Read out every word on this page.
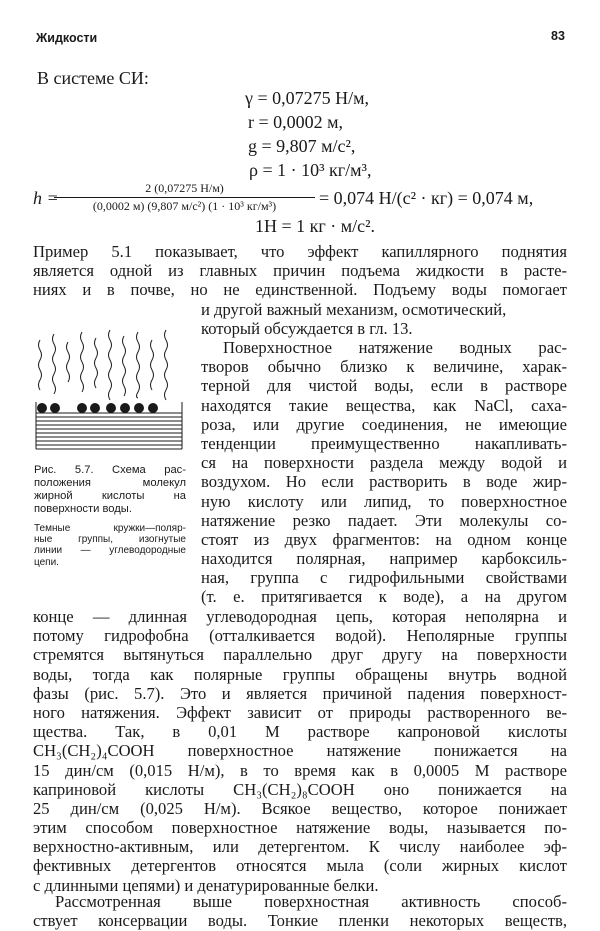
Жидкости	83
В системе СИ:
γ = 0,07275 Н/м,
r = 0,0002 м,
g = 9,807 м/с²,
ρ = 1 · 10³ кг/м³,
h =	2 (0,07275 Н/м)
(0,0002 м) (9,807 м/с²) (1 · 10³ кг/м³)	= 0,074 Н/(с² · кг) = 0,074 м,
1Н = 1 кг · м/с².
Пример 5.1 показывает, что эффект капиллярного поднятия
является одной из главных причин подъема жидкости в расте-
ниях и в почве, но не единственной. Подъему воды помогает
и другой важный механизм, осмотический,
который обсуждается в гл. 13.
Рис. 5.7. Схема рас-
положения молекул
жирной кислоты на
поверхности воды.
Темные кружки—поляр-
ные группы, изогнутые
линии — углеводородные
цепи.
Поверхностное натяжение водных рас-
творов обычно близко к величине, харак-
терной для чистой воды, если в растворе
находятся такие вещества, как NaCl, саха-
роза, или другие соединения, не имеющие
тенденции преимущественно накапливать-
ся на поверхности раздела между водой и
воздухом. Но если растворить в воде жир-
ную кислоту или липид, то поверхностное
натяжение резко падает. Эти молекулы со-
стоят из двух фрагментов: на одном конце
находится полярная, например карбоксиль-
ная, группа с гидрофильными свойствами
(т. е. притягивается к воде), а на другом
конце — длинная углеводородная цепь, которая неполярна и
потому гидрофобна (отталкивается водой). Неполярные группы
стремятся вытянуться параллельно друг другу на поверхности
воды, тогда как полярные группы обращены внутрь водной
фазы (рис. 5.7). Это и является причиной падения поверхност-
ного натяжения. Эффект зависит от природы растворенного ве-
щества. Так, в 0,01 М растворе капроновой кислоты
CH₃(CH₂)₄COOH поверхностное натяжение понижается на
15 дин/см (0,015 Н/м), в то время как в 0,0005 М растворе
каприновой кислоты CH₃(CH₂)₈COOH оно понижается на
25 дин/см (0,025 Н/м). Всякое вещество, которое понижает
этим способом поверхностное натяжение воды, называется по-
верхностно-активным, или детергентом. К числу наиболее эф-
фективных детергентов относятся мыла (соли жирных кислот
с длинными цепями) и денатурированные белки.
Рассмотренная выше поверхностная активность способ-
ствует консервации воды. Тонкие пленки некоторых веществ,
